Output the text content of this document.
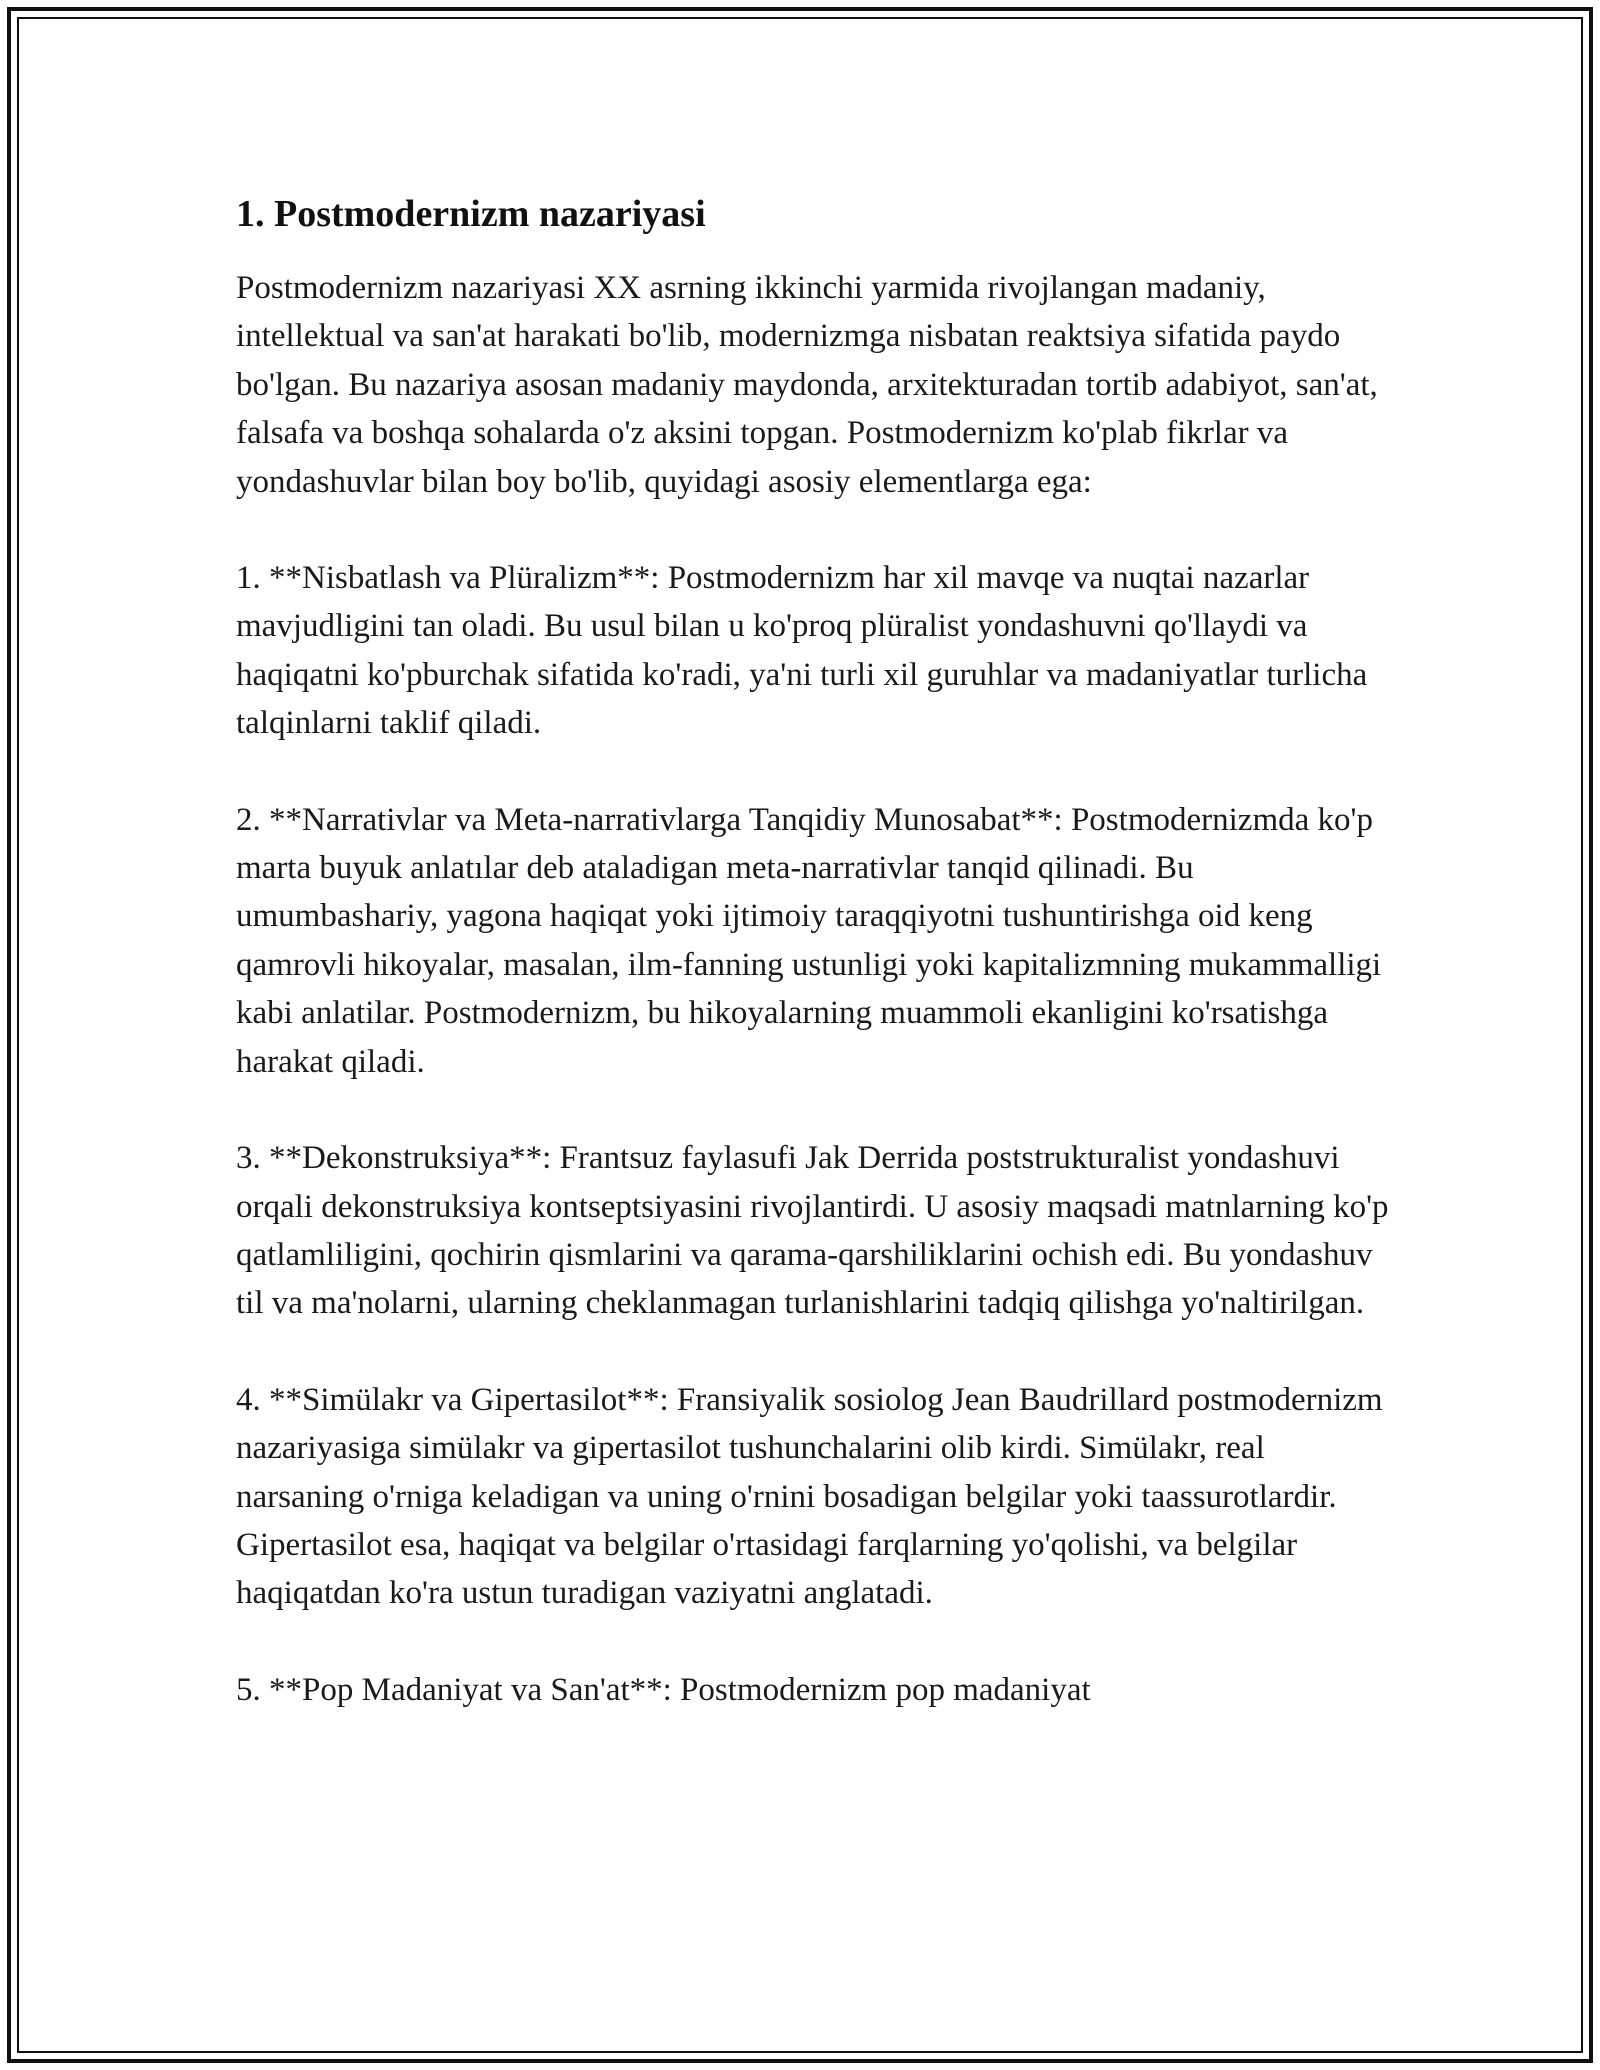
1. Postmodernizm nazariyasi

Postmodernizm nazariyasi XX asrning ikkinchi yarmida rivojlangan madaniy, intellektual va san'at harakati bo'lib, modernizmga nisbatan reaktsiya sifatida paydo bo'lgan. Bu nazariya asosan madaniy maydonda, arxitekturadan tortib adabiyot, san'at, falsafa va boshqa sohalarda o'z aksini topgan. Postmodernizm ko'plab fikrlar va yondashuvlar bilan boy bo'lib, quyidagi asosiy elementlarga ega:

1. **Nisbatlash va Plüralizm**: Postmodernizm har xil mavqe va nuqtai nazarlar mavjudligini tan oladi. Bu usul bilan u ko'proq plüralist yondashuvni qo'llaydi va haqiqatni ko'pburchak sifatida ko'radi, ya'ni turli xil guruhlar va madaniyatlar turlicha talqinlarni taklif qiladi.

2. **Narrativlar va Meta-narrativlarga Tanqidiy Munosabat**: Postmodernizmda ko'p marta buyuk anlatılar deb ataladigan meta-narrativlar tanqid qilinadi. Bu umumbashariy, yagona haqiqat yoki ijtimoiy taraqqiyotni tushuntirishga oid keng qamrovli hikoyalar, masalan, ilm-fanning ustunligi yoki kapitalizmning mukammalligi kabi anlatilar. Postmodernizm, bu hikoyalarning muammoli ekanligini ko'rsatishga harakat qiladi.

3. **Dekonstruksiya**: Frantsuz faylasufi Jak Derrida poststrukturalist yondashuvi orqali dekonstruksiya kontseptsiyasini rivojlantirdi. U asosiy maqsadi matnlarning ko'p qatlamliligini, qochirin qismlarini va qarama-qarshiliklarini ochish edi. Bu yondashuv til va ma'nolarni, ularning cheklanmagan turlanishlarini tadqiq qilishga yo'naltirilgan.

4. **Simülakr va Gipertasilot**: Fransiyalik sosiolog Jean Baudrillard postmodernizm nazariyasiga simülakr va gipertasilot tushunchalarini olib kirdi. Simülakr, real narsaning o'rniga keladigan va uning o'rnini bosadigan belgilar yoki taassurotlardir. Gipertasilot esa, haqiqat va belgilar o'rtasidagi farqlarning yo'qolishi, va belgilar haqiqatdan ko'ra ustun turadigan vaziyatni anglatadi.

5. **Pop Madaniyat va San'at**: Postmodernizm pop madaniyat
